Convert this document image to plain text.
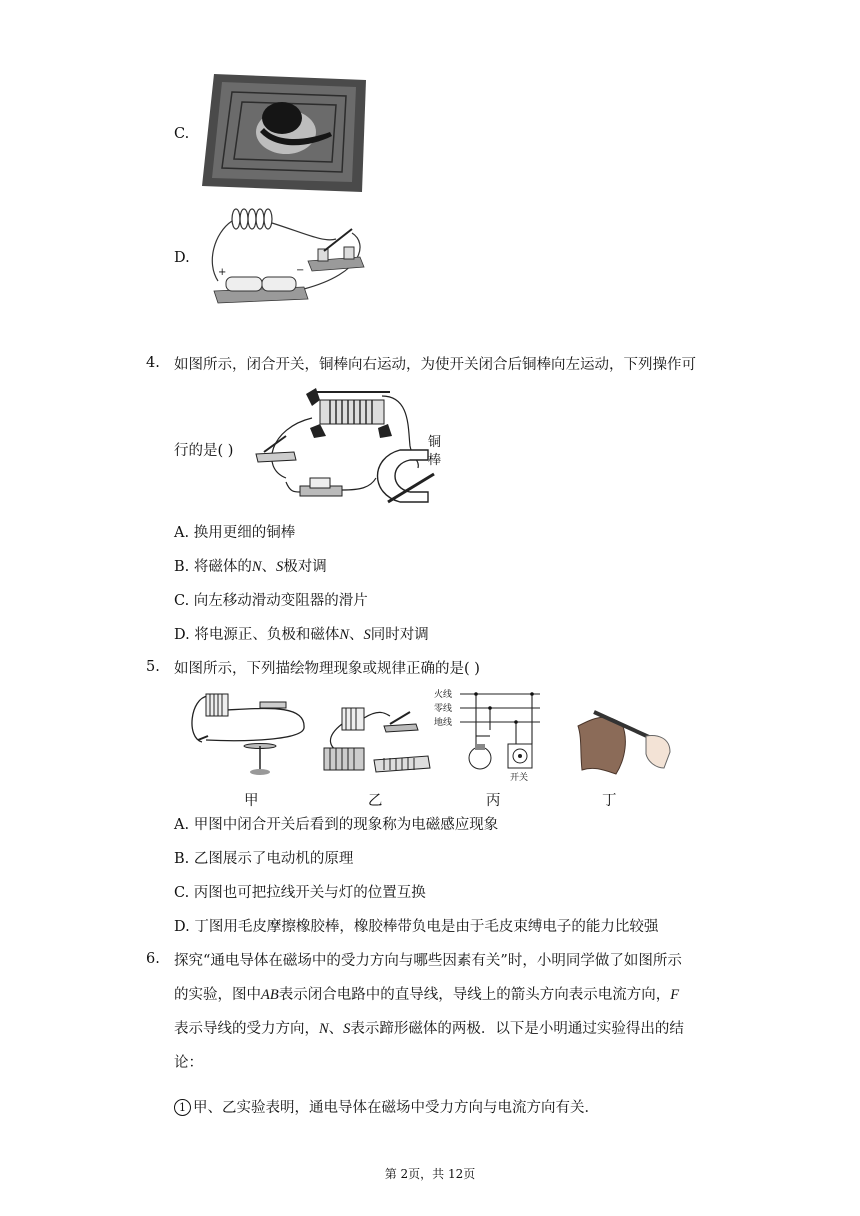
C.
D.
+	−
4. 如图所示，闭合开关，铜棒向右运动，为使开关闭合后铜棒向左运动，下列操作可
行的是( )
铜
棒
A. 换用更细的铜棒
B. 将磁体的N、S极对调
C. 向左移动滑动变阻器的滑片
D. 将电源正、负极和磁体N、S同时对调
5. 如图所示，下列描绘物理现象或规律正确的是( )
火线
零线
地线
开关
甲	乙	丙	丁
A. 甲图中闭合开关后看到的现象称为电磁感应现象
B. 乙图展示了电动机的原理
C. 丙图也可把拉线开关与灯的位置互换
D. 丁图用毛皮摩擦橡胶棒，橡胶棒带负电是由于毛皮束缚电子的能力比较强
6. 探究“通电导体在磁场中的受力方向与哪些因素有关”时，小明同学做了如图所示
的实验，图中AB表示闭合电路中的直导线，导线上的箭头方向表示电流方向，F
表示导线的受力方向，N、S表示蹄形磁体的两极．以下是小明通过实验得出的结
论：
1 甲、乙实验表明，通电导体在磁场中受力方向与电流方向有关．
第 2页，共 12页
